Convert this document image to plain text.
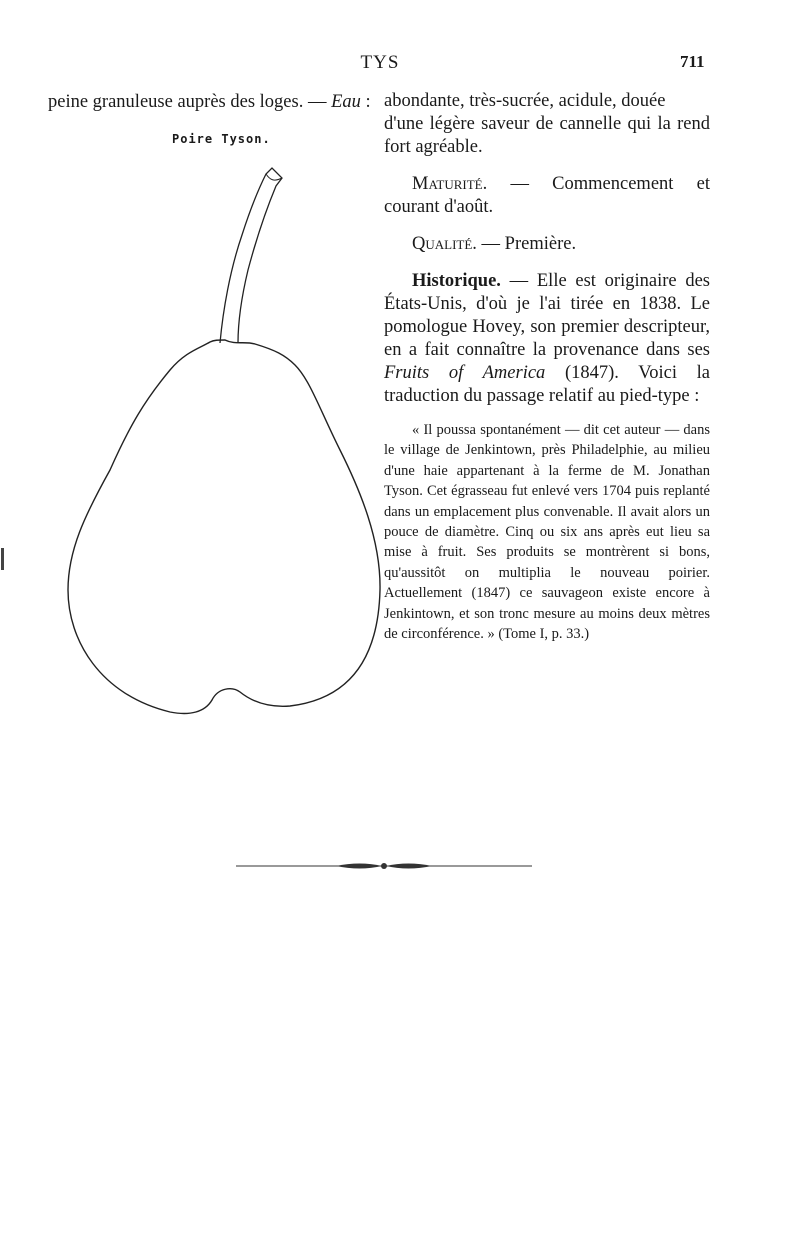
TYS	711
peine granuleuse auprès des loges. — Eau :
Poire Tyson.

abondante, très-sucrée, acidule, douée

d'une légère saveur de cannelle qui la rend fort agréable.

Maturité. — Commencement et courant d'août.

Qualité. — Première.

Historique. — Elle est originaire des États-Unis, d'où je l'ai tirée en 1838. Le pomologue Hovey, son premier descripteur, en a fait connaître la provenance dans ses Fruits of America (1847). Voici la traduction du passage relatif au pied-type :

« Il poussa spontanément — dit cet auteur — dans le village de Jenkintown, près Philadelphie, au milieu d'une haie appartenant à la ferme de M. Jonathan Tyson. Cet égrasseau fut enlevé vers 1704 puis replanté dans un emplacement plus convenable. Il avait alors un pouce de diamètre. Cinq ou six ans après eut lieu sa mise à fruit. Ses produits se montrèrent si bons, qu'aussitôt on multiplia le nouveau poirier. Actuellement (1847) ce sauvageon existe encore à Jenkintown, et son tronc mesure au moins deux mètres de circonférence. » (Tome I, p. 33.)
